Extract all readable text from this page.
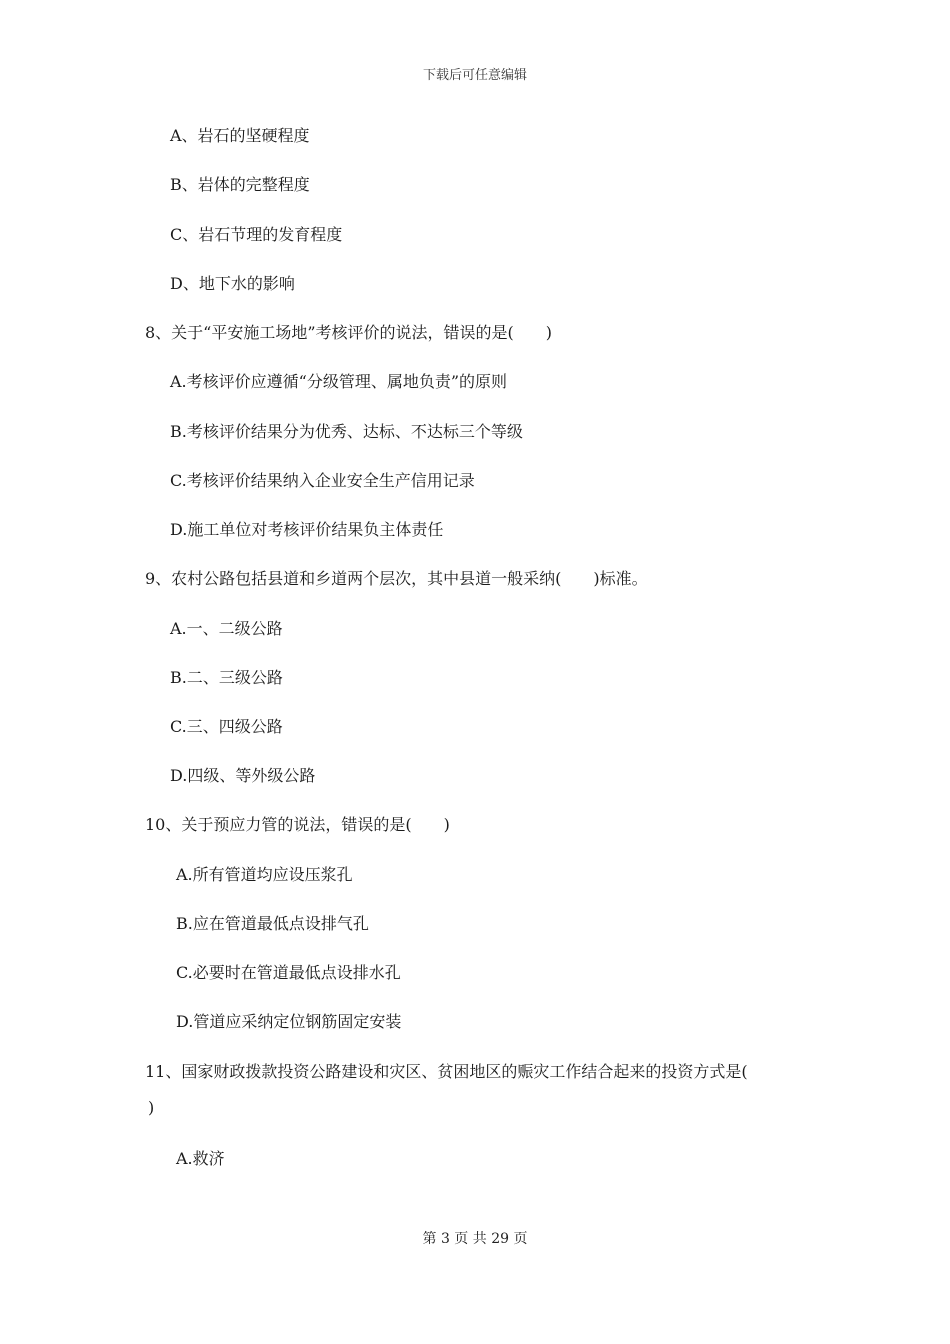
下载后可任意编辑
A、岩石的坚硬程度
B、岩体的完整程度
C、岩石节理的发育程度
D、地下水的影响
8、关于“平安施工场地”考核评价的说法，错误的是(　　)
A.考核评价应遵循“分级管理、属地负责”的原则
B.考核评价结果分为优秀、达标、不达标三个等级
C.考核评价结果纳入企业安全生产信用记录
D.施工单位对考核评价结果负主体责任
9、农村公路包括县道和乡道两个层次，其中县道一般采纳(　　)标准。
A.一、二级公路
B.二、三级公路
C.三、四级公路
D.四级、等外级公路
10、关于预应力管的说法，错误的是(　　)
A.所有管道均应设压浆孔
B.应在管道最低点设排气孔
C.必要时在管道最低点设排水孔
D.管道应采纳定位钢筋固定安装
11、国家财政拨款投资公路建设和灾区、贫困地区的赈灾工作结合起来的投资方式是(
)
A.救济
第 3 页 共 29 页
